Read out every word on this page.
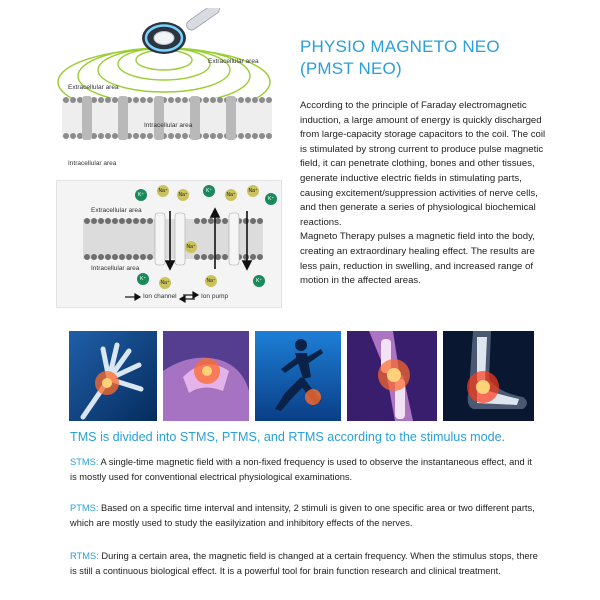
Extracellular area
Extracellular area
Intracellular area
Intracellular area
K⁺
Na⁺
Na⁺
K⁺
Na⁺
Na⁺
K⁺
Na⁺
K⁺
Na⁺	Na⁺	K⁺
Extracellular area
Intracellular area
Ion channel	Ion pump
PHYSIO MAGNETO NEO
(PMST NEO)

According to the principle of Faraday electromagnetic induction, a large amount of energy is quickly discharged from large-capacity storage capacitors to the coil. The coil is stimulated by strong current to produce pulse magnetic field, it can penetrate clothing, bones and other tissues, generate inductive electric fields in stimulating parts, causing excitement/suppression activities of nerve cells, and then generate a series of physiological biochemical reactions.

Magneto Therapy pulses a magnetic field into the body, creating an extraordinary healing effect. The results are less pain, reduction in swelling, and increased range of motion in the affected areas.

TMS is divided into STMS, PTMS, and RTMS according to the stimulus mode.
STMS: A single-time magnetic field with a non-fixed frequency is used to observe the instantaneous effect, and it is mostly used for conventional electrical physiological examinations.
PTMS: Based on a specific time interval and intensity, 2 stimuli is given to one specific area or two different parts, which are mostly used to study the easilyization and inhibitory effects of the nerves.
RTMS: During a certain area, the magnetic field is changed at a certain frequency. When the stimulus stops, there is still a continuous biological effect. It is a powerful tool for brain function research and clinical treatment.
